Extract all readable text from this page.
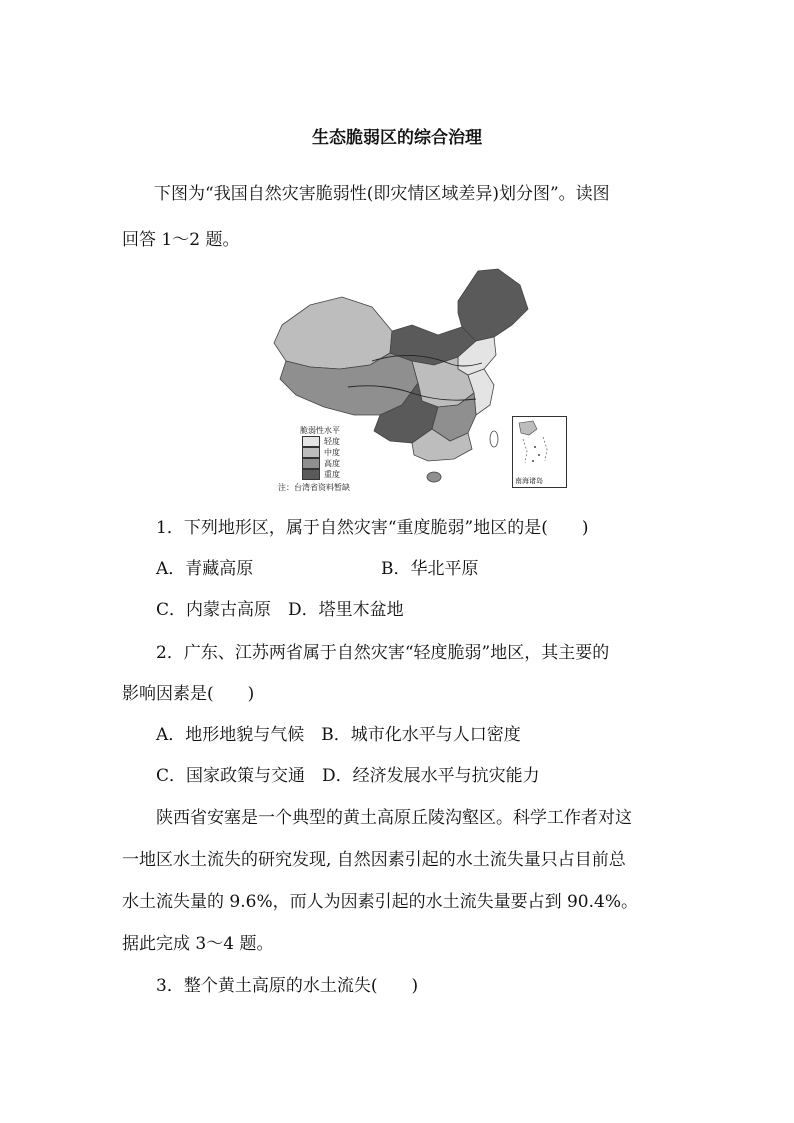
生态脆弱区的综合治理
下图为“我国自然灾害脆弱性(即灾情区域差异)划分图”。读图
回答 1～2 题。
脆弱性水平
轻度
中度
高度
重度
注：台湾省资料暂缺
南海诸岛
1．下列地形区，属于自然灾害“重度脆弱”地区的是(　　)
A．青藏高原	B．华北平原
C．内蒙古高原　D．塔里木盆地
2．广东、江苏两省属于自然灾害“轻度脆弱”地区，其主要的
影响因素是(　　)
A．地形地貌与气候　B．城市化水平与人口密度
C．国家政策与交通　D．经济发展水平与抗灾能力
陕西省安塞是一个典型的黄土高原丘陵沟壑区。科学工作者对这
一地区水土流失的研究发现, 自然因素引起的水土流失量只占目前总
水土流失量的 9.6%，而人为因素引起的水土流失量要占到 90.4%。
据此完成 3～4 题。
3．整个黄土高原的水土流失(　　)
